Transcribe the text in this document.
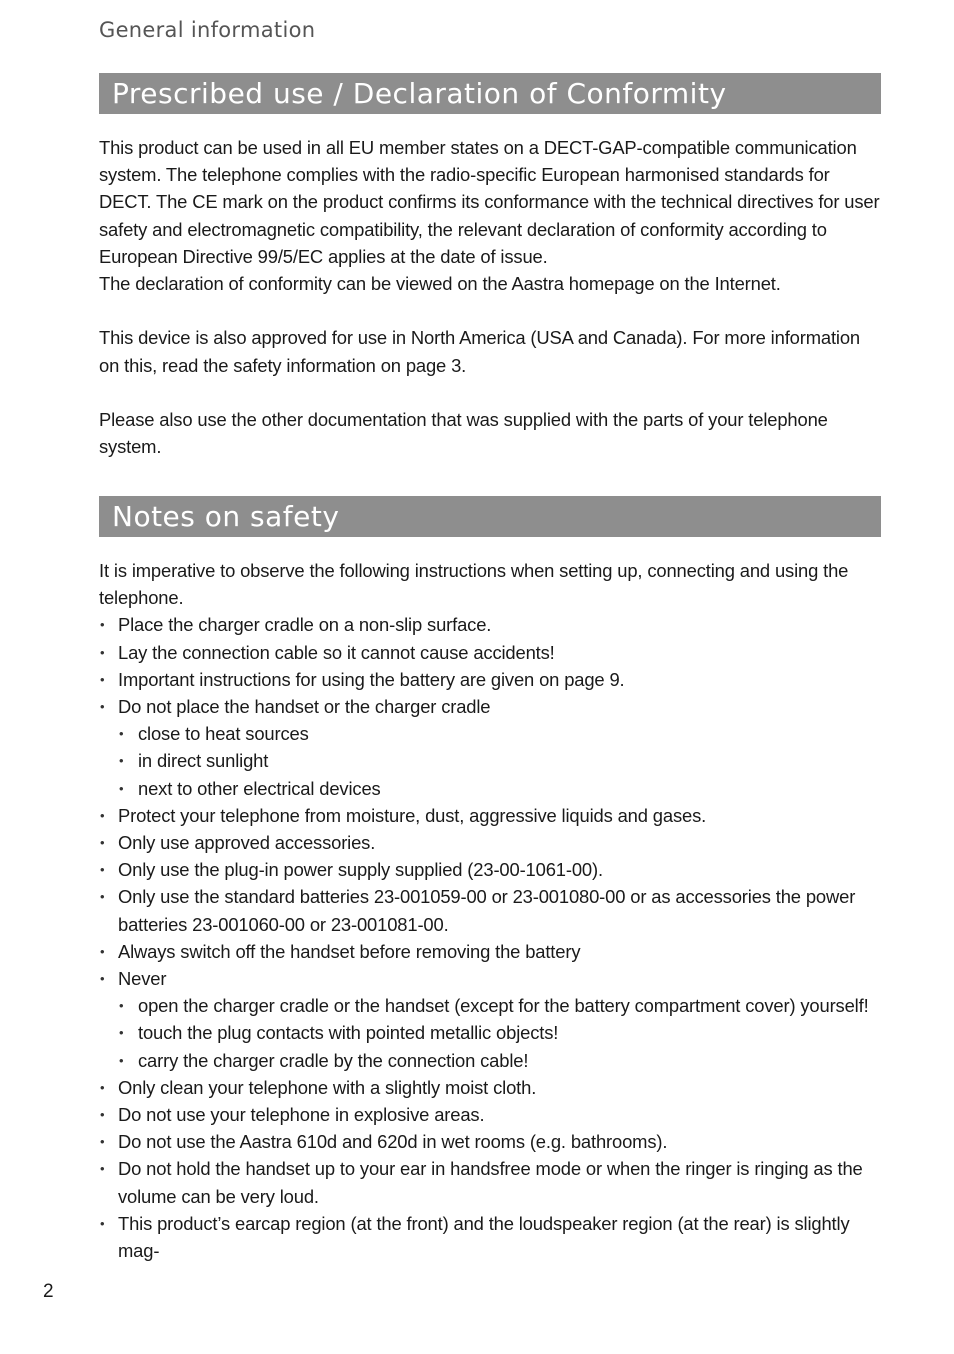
General information
Prescribed use / Declaration of Conformity

This product can be used in all EU member states on a DECT-GAP-compatible communication system. The telephone complies with the radio-specific European harmonised standards for DECT. The CE mark on the product confirms its conformance with the technical directives for user safety and electromagnetic compatibility, the relevant declaration of conformity according to European Directive 99/5/EC applies at the date of issue.

The declaration of conformity can be viewed on the Aastra homepage on the Internet.

This device is also approved for use in North America (USA and Canada). For more information on this, read the safety information on page 3.

Please also use the other documentation that was supplied with the parts of your telephone system.

Notes on safety

It is imperative to observe the following instructions when setting up, connecting and using the telephone.

• Place the charger cradle on a non-slip surface.
• Lay the connection cable so it cannot cause accidents!
• Important instructions for using the battery are given on page 9.
• Do not place the handset or the charger cradle
• close to heat sources
• in direct sunlight
• next to other electrical devices
• Protect your telephone from moisture, dust, aggressive liquids and gases.
• Only use approved accessories.
• Only use the plug-in power supply supplied (23-00-1061-00).
• Only use the standard batteries 23-001059-00 or 23-001080-00 or as accessories the power batteries 23-001060-00 or 23-001081-00.
• Always switch off the handset before removing the battery
• Never
• open the charger cradle or the handset (except for the battery compartment cover) yourself!
• touch the plug contacts with pointed metallic objects!
• carry the charger cradle by the connection cable!
• Only clean your telephone with a slightly moist cloth.
• Do not use your telephone in explosive areas.
• Do not use the Aastra 610d and 620d in wet rooms (e.g. bathrooms).
• Do not hold the handset up to your ear in handsfree mode or when the ringer is ringing as the volume can be very loud.
• This product’s earcap region (at the front) and the loudspeaker region (at the rear) is slightly mag-
2
